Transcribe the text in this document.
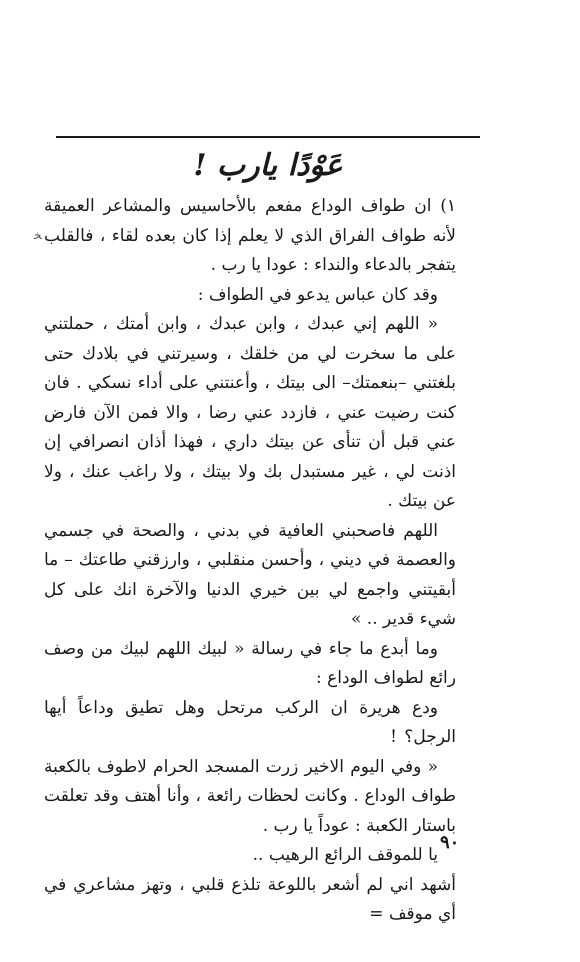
عَوْدًا يارب !
ﺨ

١) ان طواف الوداع مفعم بالأحاسيس والمشاعر العميقة لأنه طواف الفراق الذي لا يعلم إذا كان بعده لقاء ، فالقلب يتفجر بالدعاء والنداء : عودا يا رب .

وقد كان عباس يدعو في الطواف :

« اللهم إني عبدك ، وابن عبدك ، وابن أمتك ، حملتني على ما سخرت لي من خلقك ، وسيرتني في بلادك حتى بلغتني –بنعمتك– الى بيتك ، وأعنتني على أداء نسكي . فان كنت رضيت عني ، فازدد عني رضا ، والا فمن الآن فارض عني قبل أن تنأى عن بيتك داري ، فهذا أذان انصرافي إن اذنت لي ، غير مستبدل بك ولا بيتك ، ولا راغب عنك ، ولا عن بيتك .

اللهم فاصحبني العافية في بدني ، والصحة في جسمي والعصمة في ديني ، وأحسن منقلبي ، وارزقني طاعتك – ما أبقيتني واجمع لي بين خيري الدنيا والآخرة انك على كل شيء قدير .. »

وما أبدع ما جاء في رسالة « لبيك اللهم لبيك من وصف رائع لطواف الوداع :

ودع هريرة ان الركب مرتحل وهل تطيق وداعاً أيها الرجل؟ !

« وفي اليوم الاخير زرت المسجد الحرام لاطوف بالكعبة طواف الوداع . وكانت لحظات رائعة ، وأنا أهتف وقد تعلقت باستار الكعبة : عوداً يا رب .

يا للموقف الرائع الرهيب ..

أشهد اني لم أشعر باللوعة تلذع قلبي ، وتهز مشاعري في أي موقف =

٩٠
